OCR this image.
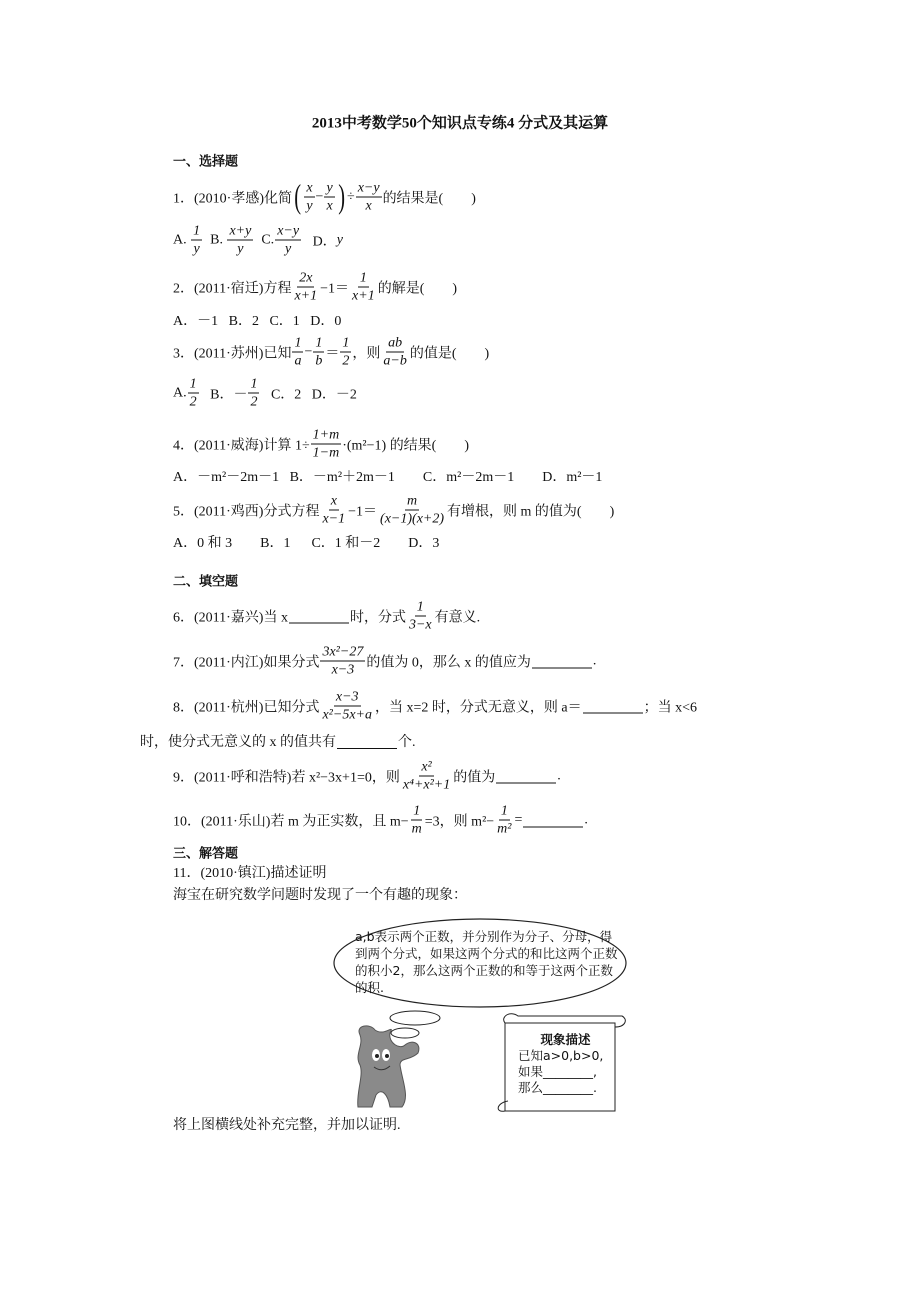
2013中考数学50个知识点专练4 分式及其运算
一、选择题
1．(2010·孝感)化简 ( $\frac{x}{y} - \frac{y}{x}$ ) ÷ $\frac{x-y}{x}$ 的结果是(　　)
A. $\frac{1}{y} B$. $\frac{x+y}{y} C$. $\frac{x-y}{y}$ D． y
2．(2011·宿迁)方程 $\frac{2x}{x+1} -1= \frac{1}{x+1}$ 的解是(　　)
A．－1   B．2   C．1   D．0
3．(2011·苏州)已知 $\frac{1}{a} - \frac{1}{b} = \frac{1}{2}$ ，则 $\frac{ab}{a-b}$ 的值是(　　)
A. $\frac{1}{2}$ B．－ $\frac{1}{2}$ C．2   D．－2
4．(2011·威海)计算 $1\div \frac{1+m}{1-m} \cdot(m^2-1)$ 的结果(　　)
A．－m²－2m－1   B．－m²＋2m－1        C．m²－2m－1        D．m²－1
5．(2011·鸡西)分式方程 $\frac{x}{x-1} -1= \frac{m}{(x-1)(x+2)}$ 有增根，则 m 的值为(　　)
A．0 和 3        B．1      C．1 和－2        D．3
二、填空题
6．(2011·嘉兴)当 x	时，分式 $\frac{1}{3-x}$ 有意义.
7．(2011·内江)如果分式 $\frac{\text{3x²−27}}{x-3}$ 的值为 0，那么 x 的值应为	.
8．(2011·杭州)已知分式 $\frac{x-3}{\text{x²−5x+a}}$ ，当 x=2 时，分式无意义，则 a＝	；当 x<6
时，使分式无意义的 x 的值共有	个.
9．(2011·呼和浩特)若 x²−3x+1=0，则 $\frac{\text{x²}}{\text{x⁴+x²+1}}$ 的值为	.
10．(2011·乐山)若 m 为正实数，且 $m- \frac{1}{m} =3$，则 $m^2- \frac{1}{\text{m²}}$ =	.
三、解答题
11．(2010·镇江)描述证明
海宝在研究数学问题时发现了一个有趣的现象：
a,b表示两个正数，并分别作为分子、分母，得到两个分式，如果这两个分式的和比这两个正数的积小2，那么这两个正数的和等于这两个正数的积.
现象描述
已知a>0,b>0,
如果________,
那么________.
将上图横线处补充完整，并加以证明.
